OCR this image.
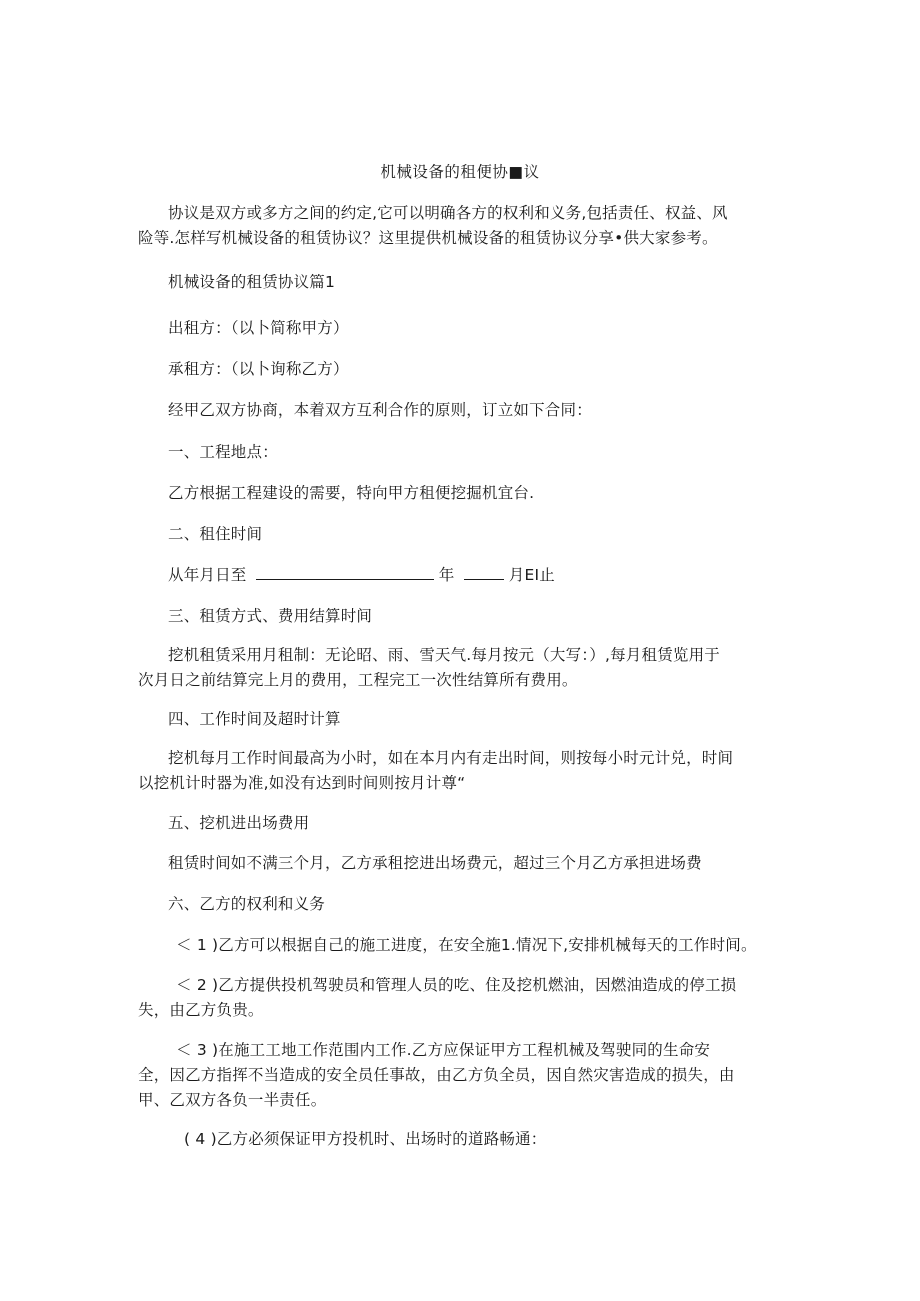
机械设备的租便协■议
协议是双方或多方之间的约定,它可以明确各方的权利和义务,包括责任、权益、风
险等.怎样写机械设备的租赁协议？这里提供机械设备的租赁协议分享•供大家参考。
机械设备的租赁协议篇1
出租方：（以卜简称甲方）
承租方：（以卜询称乙方）
经甲乙双方协商，本着双方互利合作的原则，订立如下合同：
一、工程地点：
乙方根据工程建设的需要，特向甲方租便挖掘机宜台.
二、租住时间
从年月日至	年	月EI止
三、租赁方式、费用结算时间
挖机租赁采用月租制：无论昭、雨、雪天气.每月按元（大写：）,每月租赁览用于
次月日之前结算完上月的费用，工程完工一次性结算所有费用。
四、工作时间及超时计算
挖机每月工作时间最高为小时，如在本月内有走出时间，则按每小时元计兑，时间
以挖机计时器为准,如没有达到时间则按月计尊“
五、挖机进出场费用
租赁时间如不满三个月，乙方承租挖进出场费元，超过三个月乙方承担进场费
六、乙方的权利和义务
＜ 1 )乙方可以根据自己的施工进度，在安全施1.情况下,安排机械每天的工作时间。
＜ 2 )乙方提供投机驾驶员和管理人员的吃、住及挖机燃油，因燃油造成的停工损
失，由乙方负贵。
＜ 3 )在施工工地工作范围内工作.乙方应保证甲方工程机械及驾驶同的生命安
全，因乙方指挥不当造成的安全员任事故，由乙方负全员，因自然灾害造成的损失，由
甲、乙双方各负一半责任。
( 4 )乙方必须保证甲方投机时、出场时的道路畅通：
